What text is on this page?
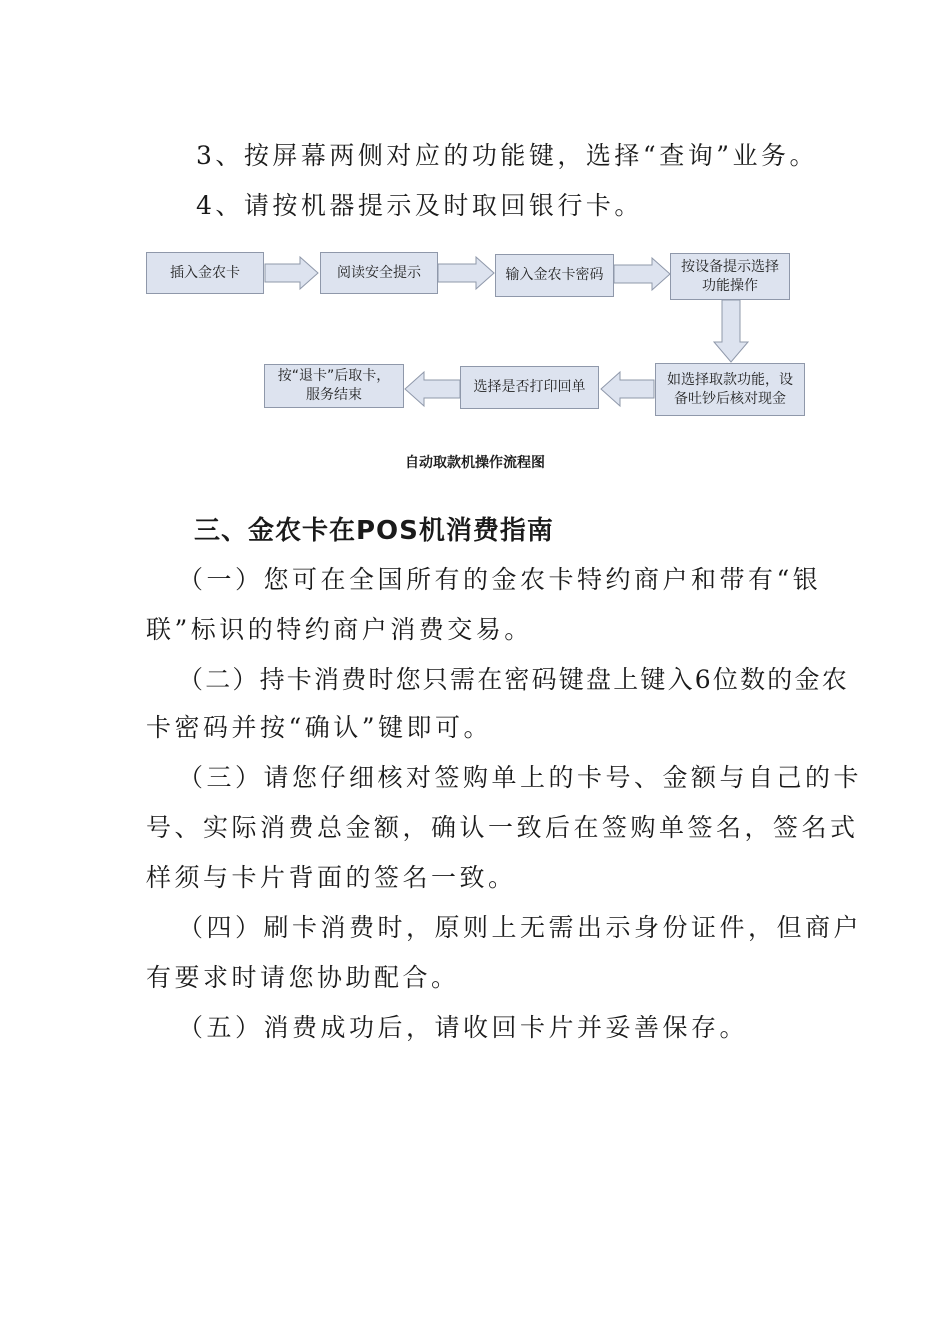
3、按屏幕两侧对应的功能键，选择“查询”业务。
4、请按机器提示及时取回银行卡。
插入金农卡	阅读安全提示	输入金农卡密码
按设备提示选择
功能操作
如选择取款功能，设
备吐钞后核对现金
选择是否打印回单
按“退卡”后取卡，
服务结束
自动取款机操作流程图
三、金农卡在POS机消费指南
（一）您可在全国所有的金农卡特约商户和带有“银
联”标识的特约商户消费交易。
（二）持卡消费时您只需在密码键盘上键入6位数的金农
卡密码并按“确认”键即可。
（三）请您仔细核对签购单上的卡号、金额与自己的卡
号、实际消费总金额，确认一致后在签购单签名，签名式
样须与卡片背面的签名一致。
（四）刷卡消费时，原则上无需出示身份证件，但商户
有要求时请您协助配合。
（五）消费成功后，请收回卡片并妥善保存。
